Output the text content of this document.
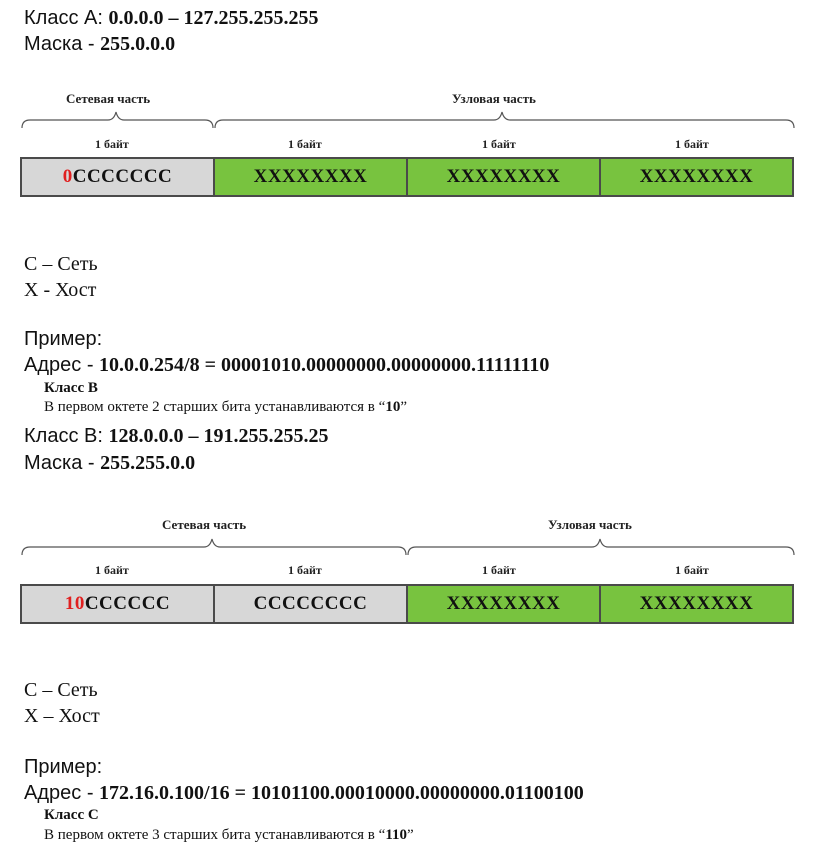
Класс А: 0.0.0.0 – 127.255.255.255
Маска - 255.0.0.0
Сетевая часть	Узловая часть
1 байт	1 байт	1 байт	1 байт
0 CCCCCCC	XXXXXXXX	XXXXXXXX	XXXXXXXX
С – Сеть
X - Хост
Пример:
Адрес - 10.0.0.254/8 = 00001010.00000000.00000000.11111110
Класс B
В первом октете 2 старших бита устанавливаются в “10”
Класс В: 128.0.0.0 – 191.255.255.25
Маска - 255.255.0.0
Сетевая часть	Узловая часть
1 байт	1 байт	1 байт	1 байт
10 CCCCCC	CCCCCCCC	XXXXXXXX	XXXXXXXX
С – Сеть
X – Хост
Пример:
Адрес - 172.16.0.100/16 = 10101100.00010000.00000000.01100100
Класс C
В первом октете 3 старших бита устанавливаются в “110”
